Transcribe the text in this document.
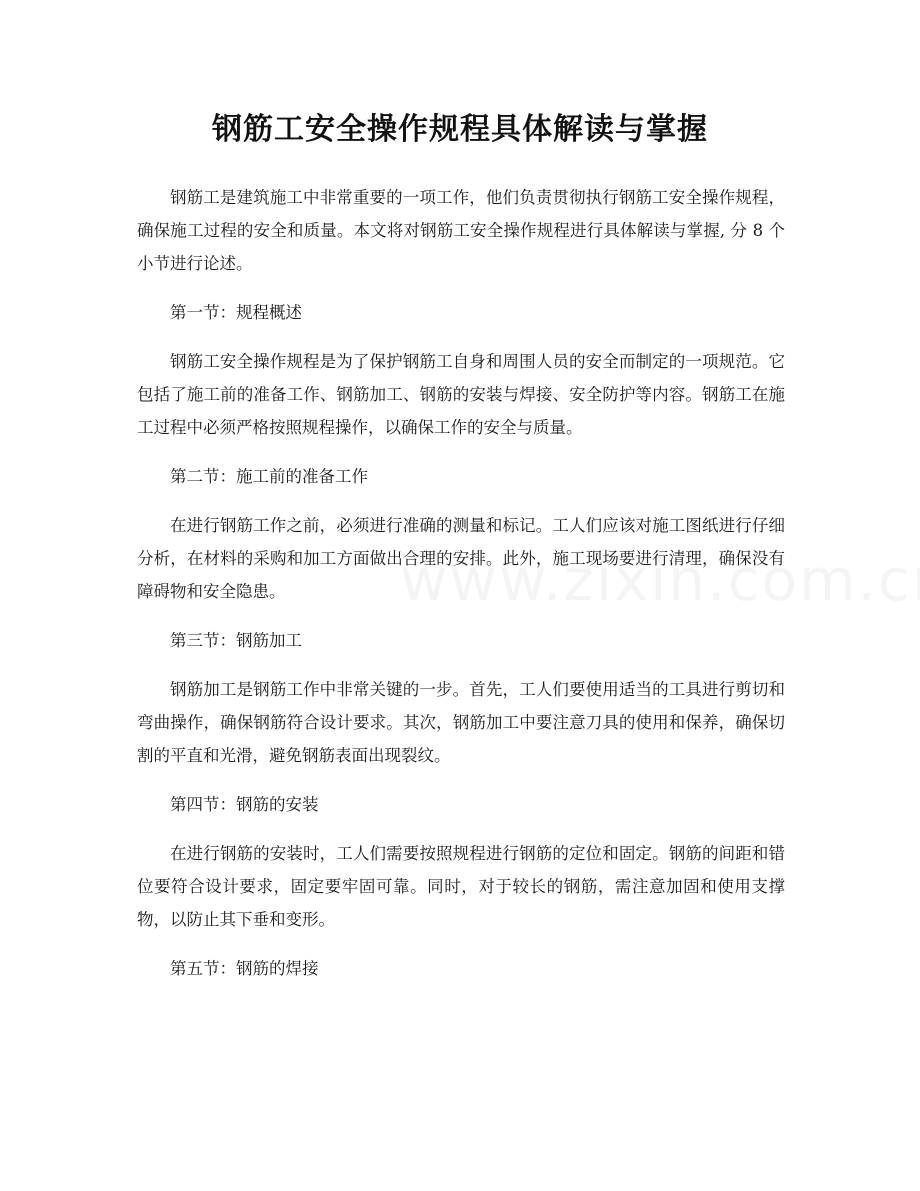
钢筋工安全操作规程具体解读与掌握

钢筋工是建筑施工中非常重要的一项工作，他们负责贯彻执行钢筋工安全操作规程，确保施工过程的安全和质量。本文将对钢筋工安全操作规程进行具体解读与掌握, 分 8 个小节进行论述。

第一节：规程概述

钢筋工安全操作规程是为了保护钢筋工自身和周围人员的安全而制定的一项规范。它包括了施工前的准备工作、钢筋加工、钢筋的安装与焊接、安全防护等内容。钢筋工在施工过程中必须严格按照规程操作，以确保工作的安全与质量。

第二节：施工前的准备工作

在进行钢筋工作之前，必须进行准确的测量和标记。工人们应该对施工图纸进行仔细分析，在材料的采购和加工方面做出合理的安排。此外，施工现场要进行清理，确保没有障碍物和安全隐患。

第三节：钢筋加工

钢筋加工是钢筋工作中非常关键的一步。首先，工人们要使用适当的工具进行剪切和弯曲操作，确保钢筋符合设计要求。其次，钢筋加工中要注意刀具的使用和保养，确保切割的平直和光滑，避免钢筋表面出现裂纹。

第四节：钢筋的安装

在进行钢筋的安装时，工人们需要按照规程进行钢筋的定位和固定。钢筋的间距和错位要符合设计要求，固定要牢固可靠。同时，对于较长的钢筋，需注意加固和使用支撑物，以防止其下垂和变形。

第五节：钢筋的焊接
